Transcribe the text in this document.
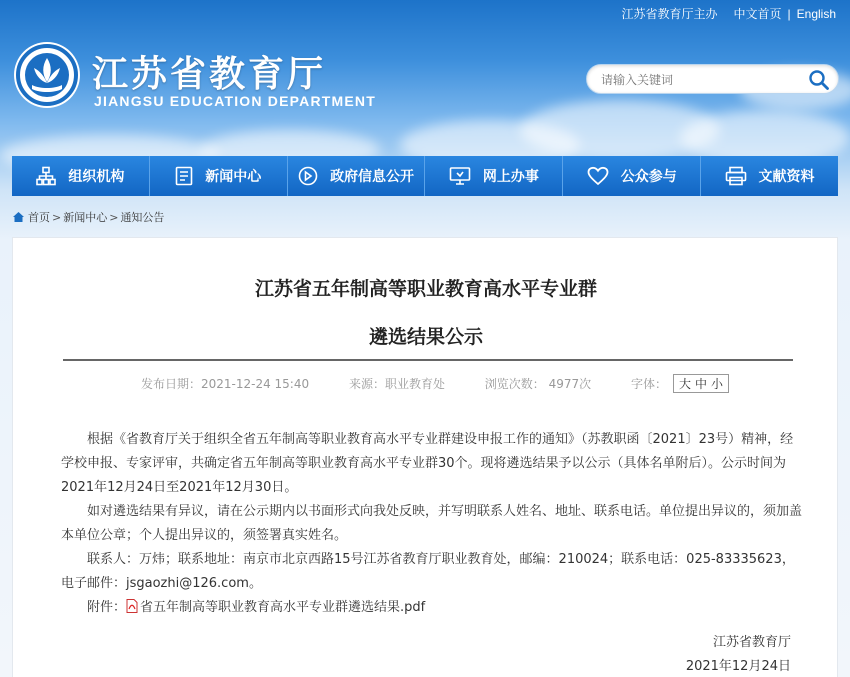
江苏省教育厅主办 中文首页 | English
江苏省教育厅
JIANGSU EDUCATION DEPARTMENT
请输入关键词
组织机构	新闻中心	政府信息公开	网上办事	公众参与	文献资料
首页 > 新闻中心 > 通知公告
江苏省五年制高等职业教育高水平专业群
遴选结果公示
发布日期：2021-12-24 15:40	来源：职业教育处	浏览次数： 4977次	字体： 大 中 小

根据《省教育厅关于组织全省五年制高等职业教育高水平专业群建设申报工作的通知》（苏教职函〔2021〕23号）精神，经学校申报、专家评审，共确定省五年制高等职业教育高水平专业群30个。现将遴选结果予以公示（具体名单附后）。公示时间为2021年12月24日至2021年12月30日。

如对遴选结果有异议，请在公示期内以书面形式向我处反映，并写明联系人姓名、地址、联系电话。单位提出异议的，须加盖本单位公章；个人提出异议的，须签署真实姓名。

联系人：万炜；联系地址：南京市北京西路15号江苏省教育厅职业教育处，邮编：210024；联系电话：025-83335623，电子邮件：jsgaozhi@126.com。

附件： 省五年制高等职业教育高水平专业群遴选结果.pdf

江苏省教育厅
2021年12月24日
